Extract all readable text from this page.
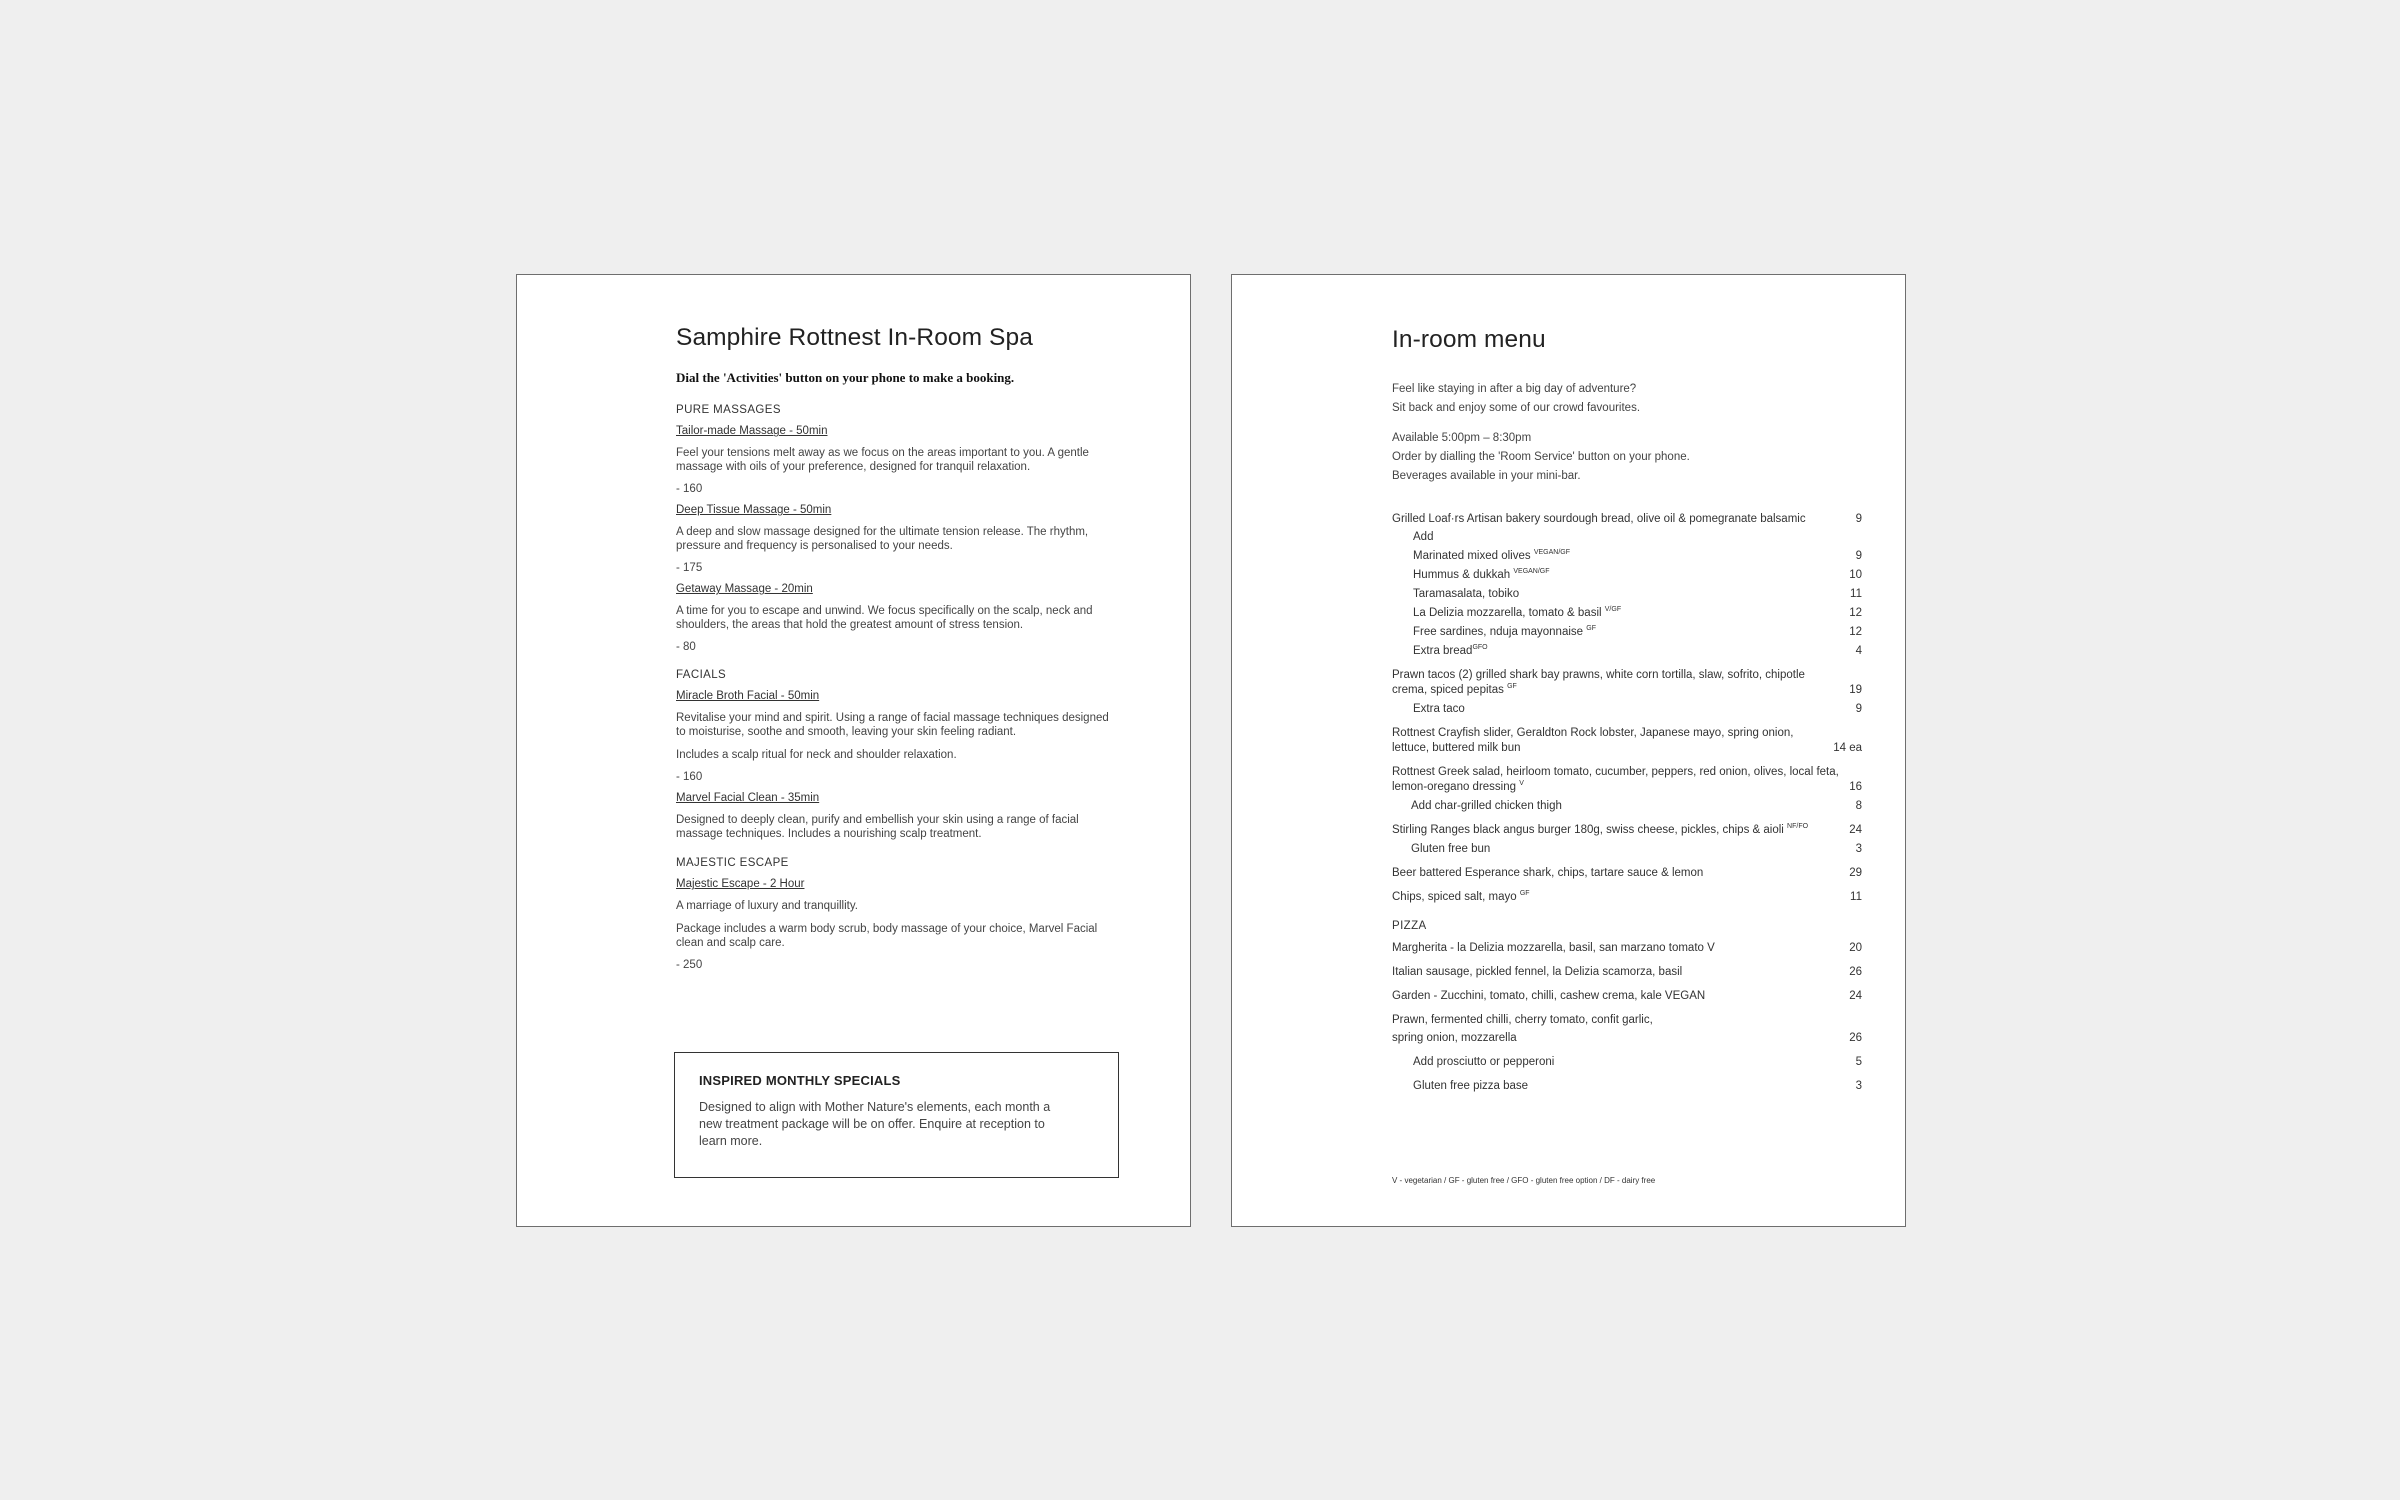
Samphire Rottnest In-Room Spa

Dial the 'Activities' button on your phone to make a booking.

PURE MASSAGES
Tailor-made Massage - 50min

Feel your tensions melt away as we focus on the areas important to you. A gentle massage with oils of your preference, designed for tranquil relaxation.

- 160

Deep Tissue Massage - 50min

A deep and slow massage designed for the ultimate tension release. The rhythm, pressure and frequency is personalised to your needs.

- 175

Getaway Massage - 20min

A time for you to escape and unwind. We focus specifically on the scalp, neck and shoulders, the areas that hold the greatest amount of stress tension.

- 80

FACIALS
Miracle Broth Facial - 50min

Revitalise your mind and spirit. Using a range of facial massage techniques designed to moisturise, soothe and smooth, leaving your skin feeling radiant.

Includes a scalp ritual for neck and shoulder relaxation.

- 160

Marvel Facial Clean - 35min

Designed to deeply clean, purify and embellish your skin using a range of facial massage techniques. Includes a nourishing scalp treatment.

MAJESTIC ESCAPE
Majestic Escape - 2 Hour

A marriage of luxury and tranquillity.

Package includes a warm body scrub, body massage of your choice, Marvel Facial clean and scalp care.

- 250

INSPIRED MONTHLY SPECIALS

Designed to align with Mother Nature's elements, each month a new treatment package will be on offer. Enquire at reception to learn more.

In-room menu
Feel like staying in after a big day of adventure?
Sit back and enjoy some of our crowd favourites.
Available 5:00pm – 8:30pm
Order by dialling the 'Room Service' button on your phone.
Beverages available in your mini-bar.
Grilled Loaf·rs Artisan bakery sourdough bread, olive oil & pomegranate balsamic	9
Add
Marinated mixed olives $^{VEGAN/GF}$	9
Hummus & dukkah $^{VEGAN/GF}$	10
Taramasalata, tobiko	11
La Delizia mozzarella, tomato & basil $^{V/GF}$	12
Free sardines, nduja mayonnaise $^{GF}$	12
Extra bread$^{GFO}$	4
Prawn tacos (2) grilled shark bay prawns, white corn tortilla, slaw, sofrito, chipotle crema, spiced pepitas $^{GF}$	19
Extra taco	9
Rottnest Crayfish slider, Geraldton Rock lobster, Japanese mayo, spring onion, lettuce, buttered milk bun	14 ea
Rottnest Greek salad, heirloom tomato, cucumber, peppers, red onion, olives, local feta, lemon-oregano dressing $^V$	16
Add char-grilled chicken thigh	8
Stirling Ranges black angus burger 180g, swiss cheese, pickles, chips & aioli $^{NF/FO}$	24
Gluten free bun	3
Beer battered Esperance shark, chips, tartare sauce & lemon	29
Chips, spiced salt, mayo $^{GF}$	11
PIZZA
Margherita - la Delizia mozzarella, basil, san marzano tomato V	20
Italian sausage, pickled fennel, la Delizia scamorza, basil	26
Garden - Zucchini, tomato, chilli, cashew crema, kale VEGAN	24
Prawn, fermented chilli, cherry tomato, confit garlic,
spring onion, mozzarella	26
Add prosciutto or pepperoni	5
Gluten free pizza base	3
V - vegetarian / GF - gluten free / GFO - gluten free option / DF - dairy free
